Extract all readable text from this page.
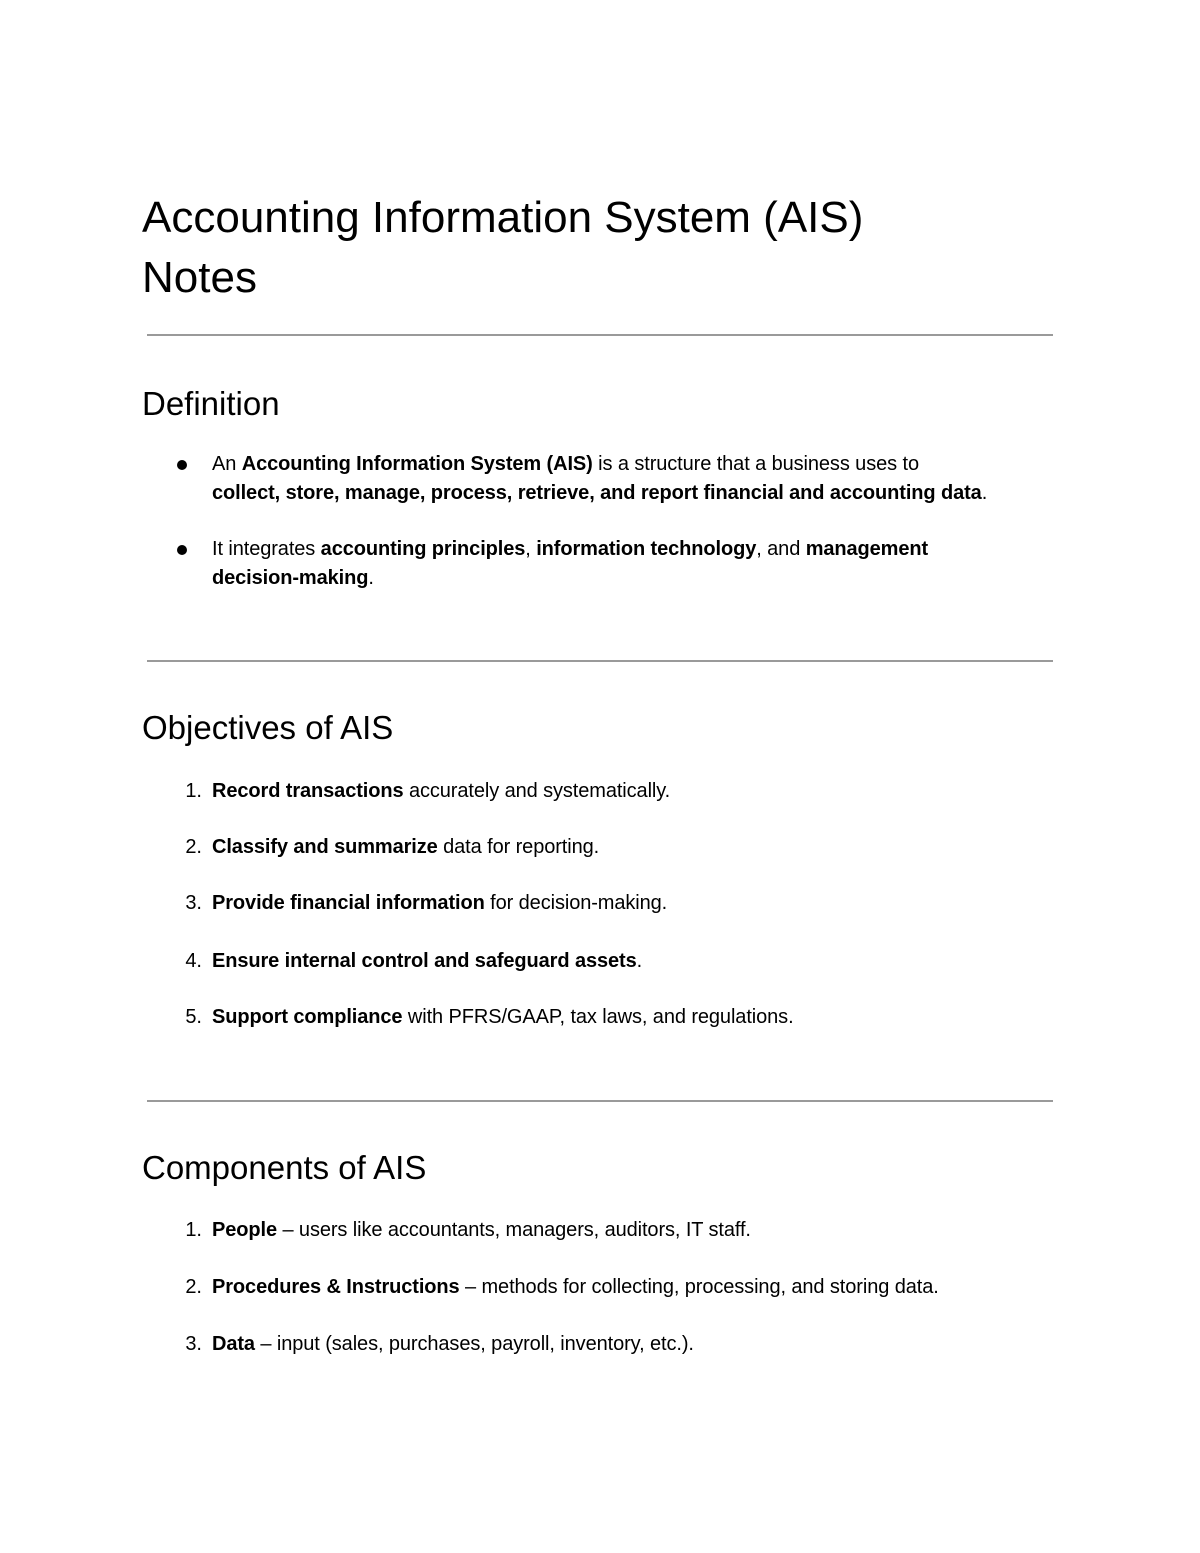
Accounting Information System (AIS)
Notes
Definition
An Accounting Information System (AIS) is a structure that a business uses to
collect, store, manage, process, retrieve, and report financial and accounting data.
It integrates accounting principles, information technology, and management
decision-making.
Objectives of AIS
1. Record transactions accurately and systematically.
2. Classify and summarize data for reporting.
3. Provide financial information for decision-making.
4. Ensure internal control and safeguard assets.
5. Support compliance with PFRS/GAAP, tax laws, and regulations.
Components of AIS
1. People – users like accountants, managers, auditors, IT staff.
2. Procedures & Instructions – methods for collecting, processing, and storing data.
3. Data – input (sales, purchases, payroll, inventory, etc.).
